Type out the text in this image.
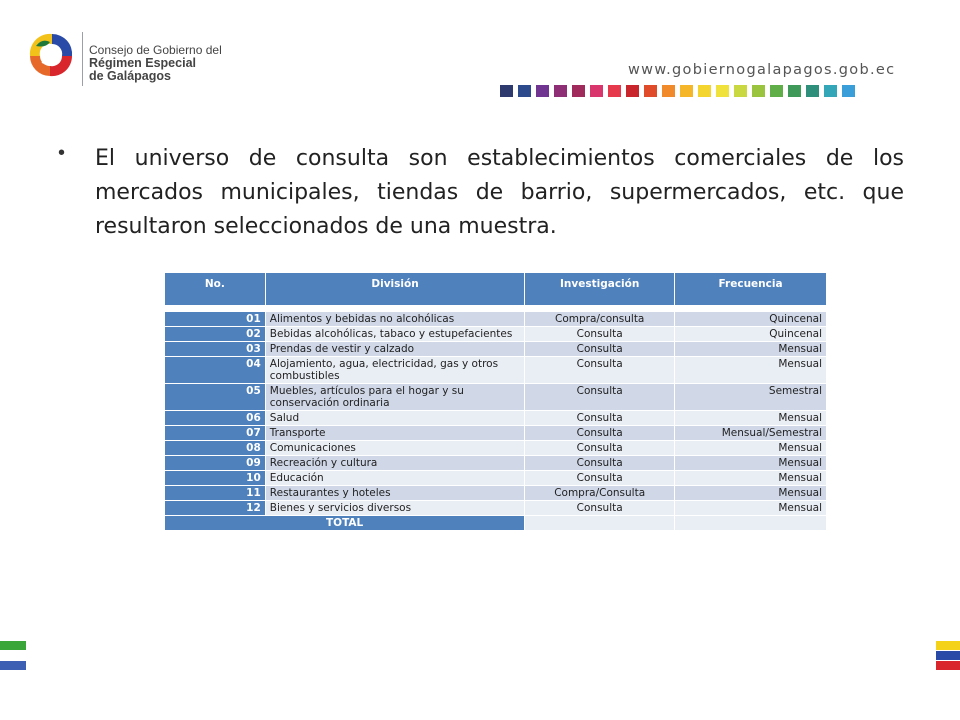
Consejo de Gobierno del
Régimen Especial
de Galápagos	www.gobiernogalapagos.gob.ec
• El universo de consulta son establecimientos comerciales de los mercados municipales, tiendas de barrio, supermercados, etc. que resultaron seleccionados de una muestra.

No.	División	Investigación	Frecuencia

01	Alimentos y bebidas no alcohólicas	Compra/consulta	Quincenal
02	Bebidas alcohólicas, tabaco y estupefacientes	Consulta	Quincenal
03	Prendas de vestir y calzado	Consulta	Mensual
04	Alojamiento, agua, electricidad, gas y otros combustibles	Consulta	Mensual
05	Muebles, artículos para el hogar y su conservación ordinaria	Consulta	Semestral
06	Salud	Consulta	Mensual
07	Transporte	Consulta	Mensual/Semestral
08	Comunicaciones	Consulta	Mensual
09	Recreación y cultura	Consulta	Mensual
10	Educación	Consulta	Mensual
11	Restaurantes y hoteles	Compra/Consulta	Mensual
12	Bienes y servicios diversos	Consulta	Mensual
TOTAL			
